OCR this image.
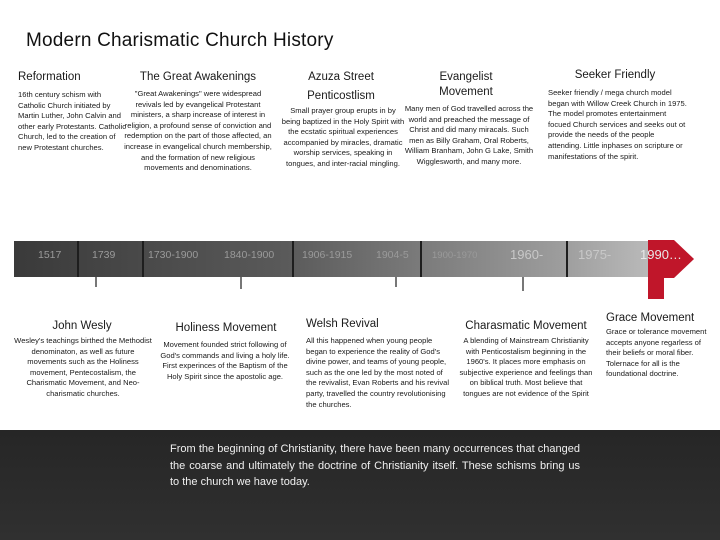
Modern Charismatic Church History
Reformation
16th century schism with Catholic Church initiated by Martin Luther, John Calvin and other early Protestants. Catholic Church, led to the creation of new Protestant churches.
The Great Awakenings
"Great Awakenings" were widespread revivals led by evangelical Protestant ministers, a sharp increase of interest in religion, a profound sense of conviction and redemption on the part of those affected, an increase in evangelical church membership, and the formation of new religious movements and denominations.
Azuza Street Penticostlism
Small prayer group erupts in by being baptized in the Holy Spirit with the ecstatic spiritual experiences accompanied by miracles, dramatic worship services, speaking in tongues, and inter-racial mingling.
Evangelist Movement
Many men of God travelled across the world and preached the message of Christ and did many miracals. Such men as Billy Graham, Oral Roberts, William Branham, John G Lake, Smith Wigglesworth, and many more.
Seeker Friendly
Seeker friendly / mega church model began with Willow Creek Church in 1975. The model promotes entertainment focued Church services and seeks out ot provide the needs of the people attending. Little inphases on scripture or manifestations of the spirit.
1517	1739	1730-1900 1840-1900	1906-1915 1904-5 1900-1970	1960-	1975- 1990…
John Wesly
Wesley's teachings birthed the Methodist denominaton, as well as future movements such as the Holiness movement, Pentecostalism, the Charismatic Movement, and Neo-charismatic churches.
Holiness Movement
Movement founded strict following of God's commands and living a holy life. First experinces of the Baptism of the Holy Spirit since the apostolic age.
Welsh Revival
All this happened when young people began to experience the reality of God's divine power, and teams of young people, such as the one led by the most noted of the revivalist, Evan Roberts and his revival party, travelled the country revolutionising the churches.
Charasmatic Movement
A blending of Mainstream Christianity with Penticostalism beginning in the 1960's. It places more emphasis on subjective experience and feelings than on biblical truth. Most believe that tongues are not evidence of the Spirit
Grace Movement
Grace or tolerance movement accepts anyone regarless of their beliefs or moral fiber. Tolernace for all is the foundational doctrine.
From the beginning of Christianity, there have been many occurrences that changed the coarse and ultimately the doctrine of Christianity itself. These schisms bring us to the church we have today.
